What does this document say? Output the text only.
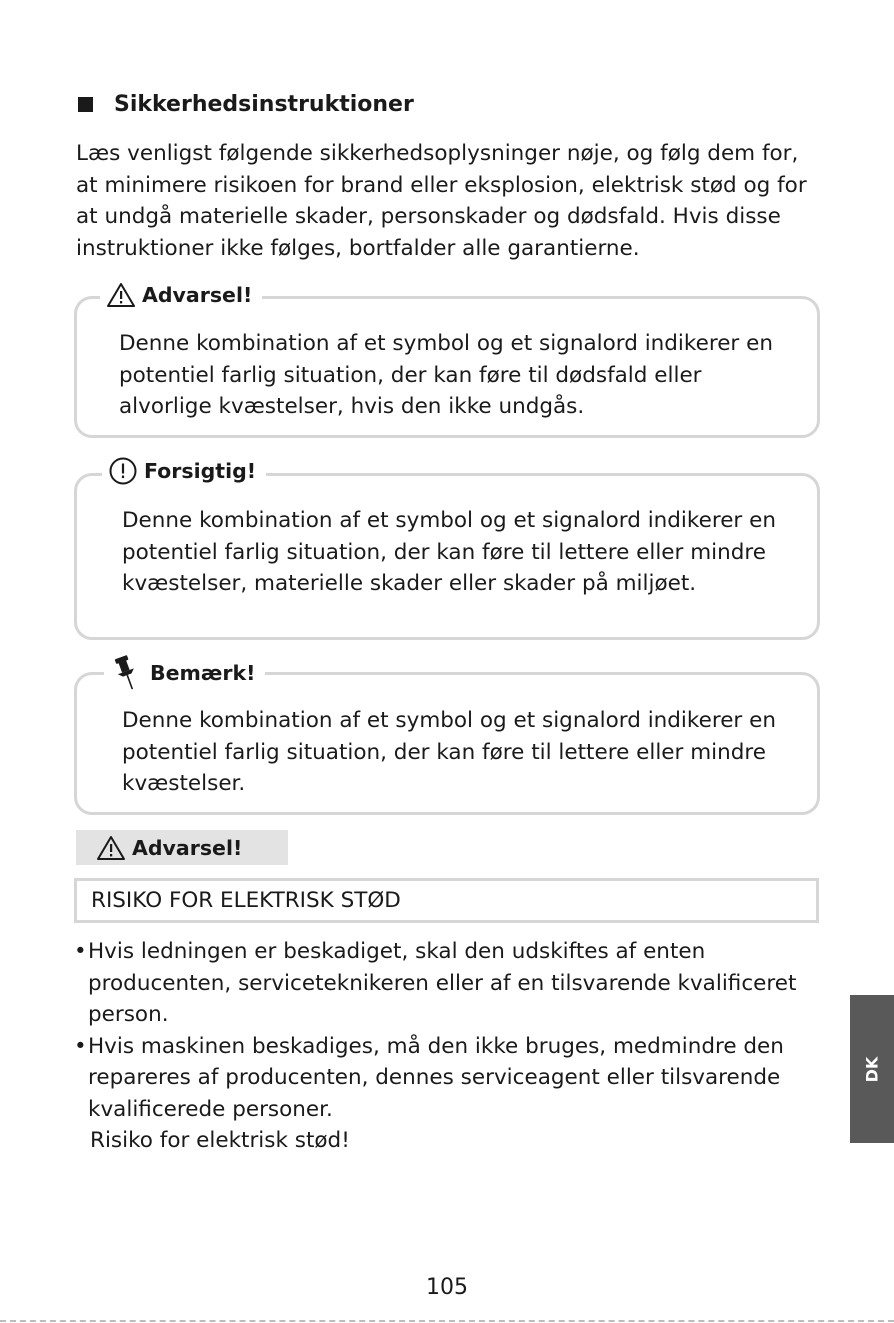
Sikkerhedsinstruktioner
Læs venligst følgende sikkerhedsoplysninger nøje, og følg dem for,
at minimere risikoen for brand eller eksplosion, elektrisk stød og for
at undgå materielle skader, personskader og dødsfald. Hvis disse
instruktioner ikke følges, bortfalder alle garantierne.
Advarsel!
Denne kombination af et symbol og et signalord indikerer en
potentiel farlig situation, der kan føre til dødsfald eller
alvorlige kvæstelser, hvis den ikke undgås.
Forsigtig!
Denne kombination af et symbol og et signalord indikerer en
potentiel farlig situation, der kan føre til lettere eller mindre
kvæstelser, materielle skader eller skader på miljøet.
Bemærk!
Denne kombination af et symbol og et signalord indikerer en
potentiel farlig situation, der kan føre til lettere eller mindre
kvæstelser.
Advarsel!
RISIKO FOR ELEKTRISK STØD
• Hvis ledningen er beskadiget, skal den udskiftes af enten
producenten, serviceteknikeren eller af en tilsvarende kvalificeret
person.
• Hvis maskinen beskadiges, må den ikke bruges, medmindre den
repareres af producenten, dennes serviceagent eller tilsvarende
kvalificerede personer.
Risiko for elektrisk stød!
DK
105
